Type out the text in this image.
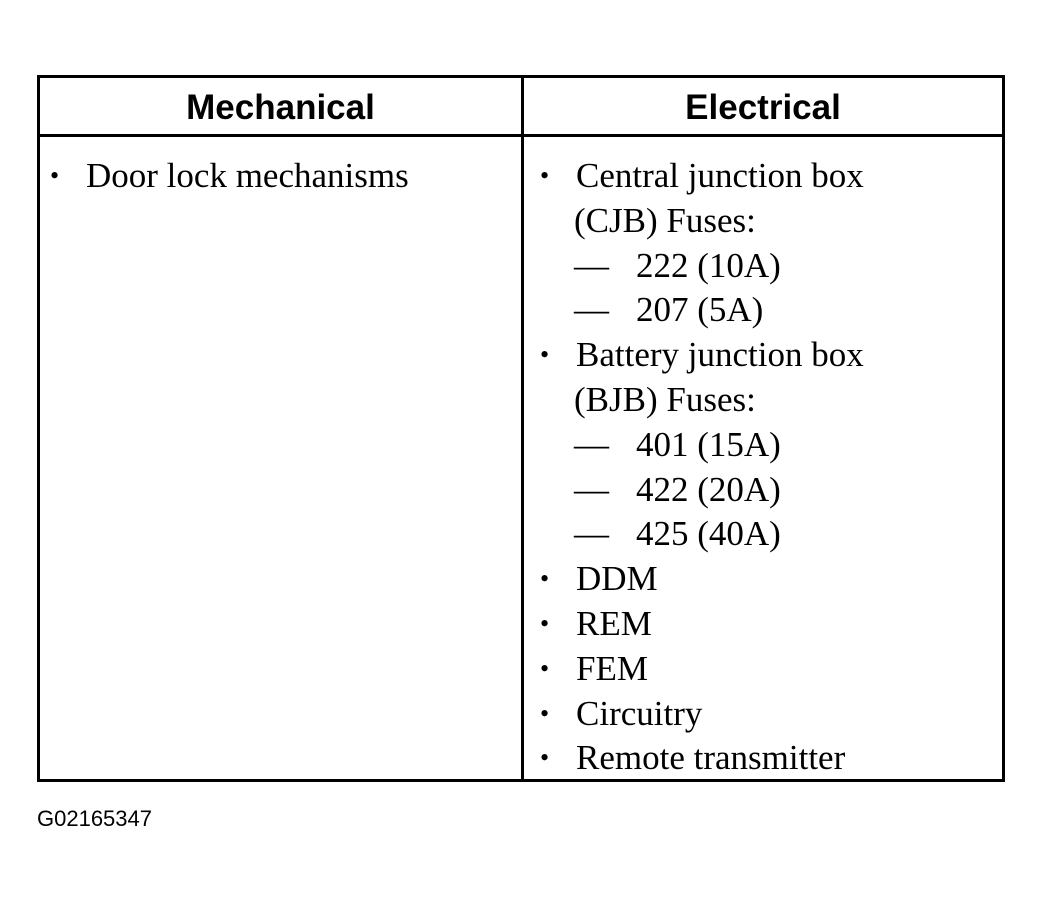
Mechanical	Electrical
• Door lock mechanisms	• Central junction box
(CJB) Fuses:
— 222 (10A)
— 207 (5A)
• Battery junction box
(BJB) Fuses:
— 401 (15A)
— 422 (20A)
— 425 (40A)
• DDM
• REM
• FEM
• Circuitry
• Remote transmitter
G02165347
